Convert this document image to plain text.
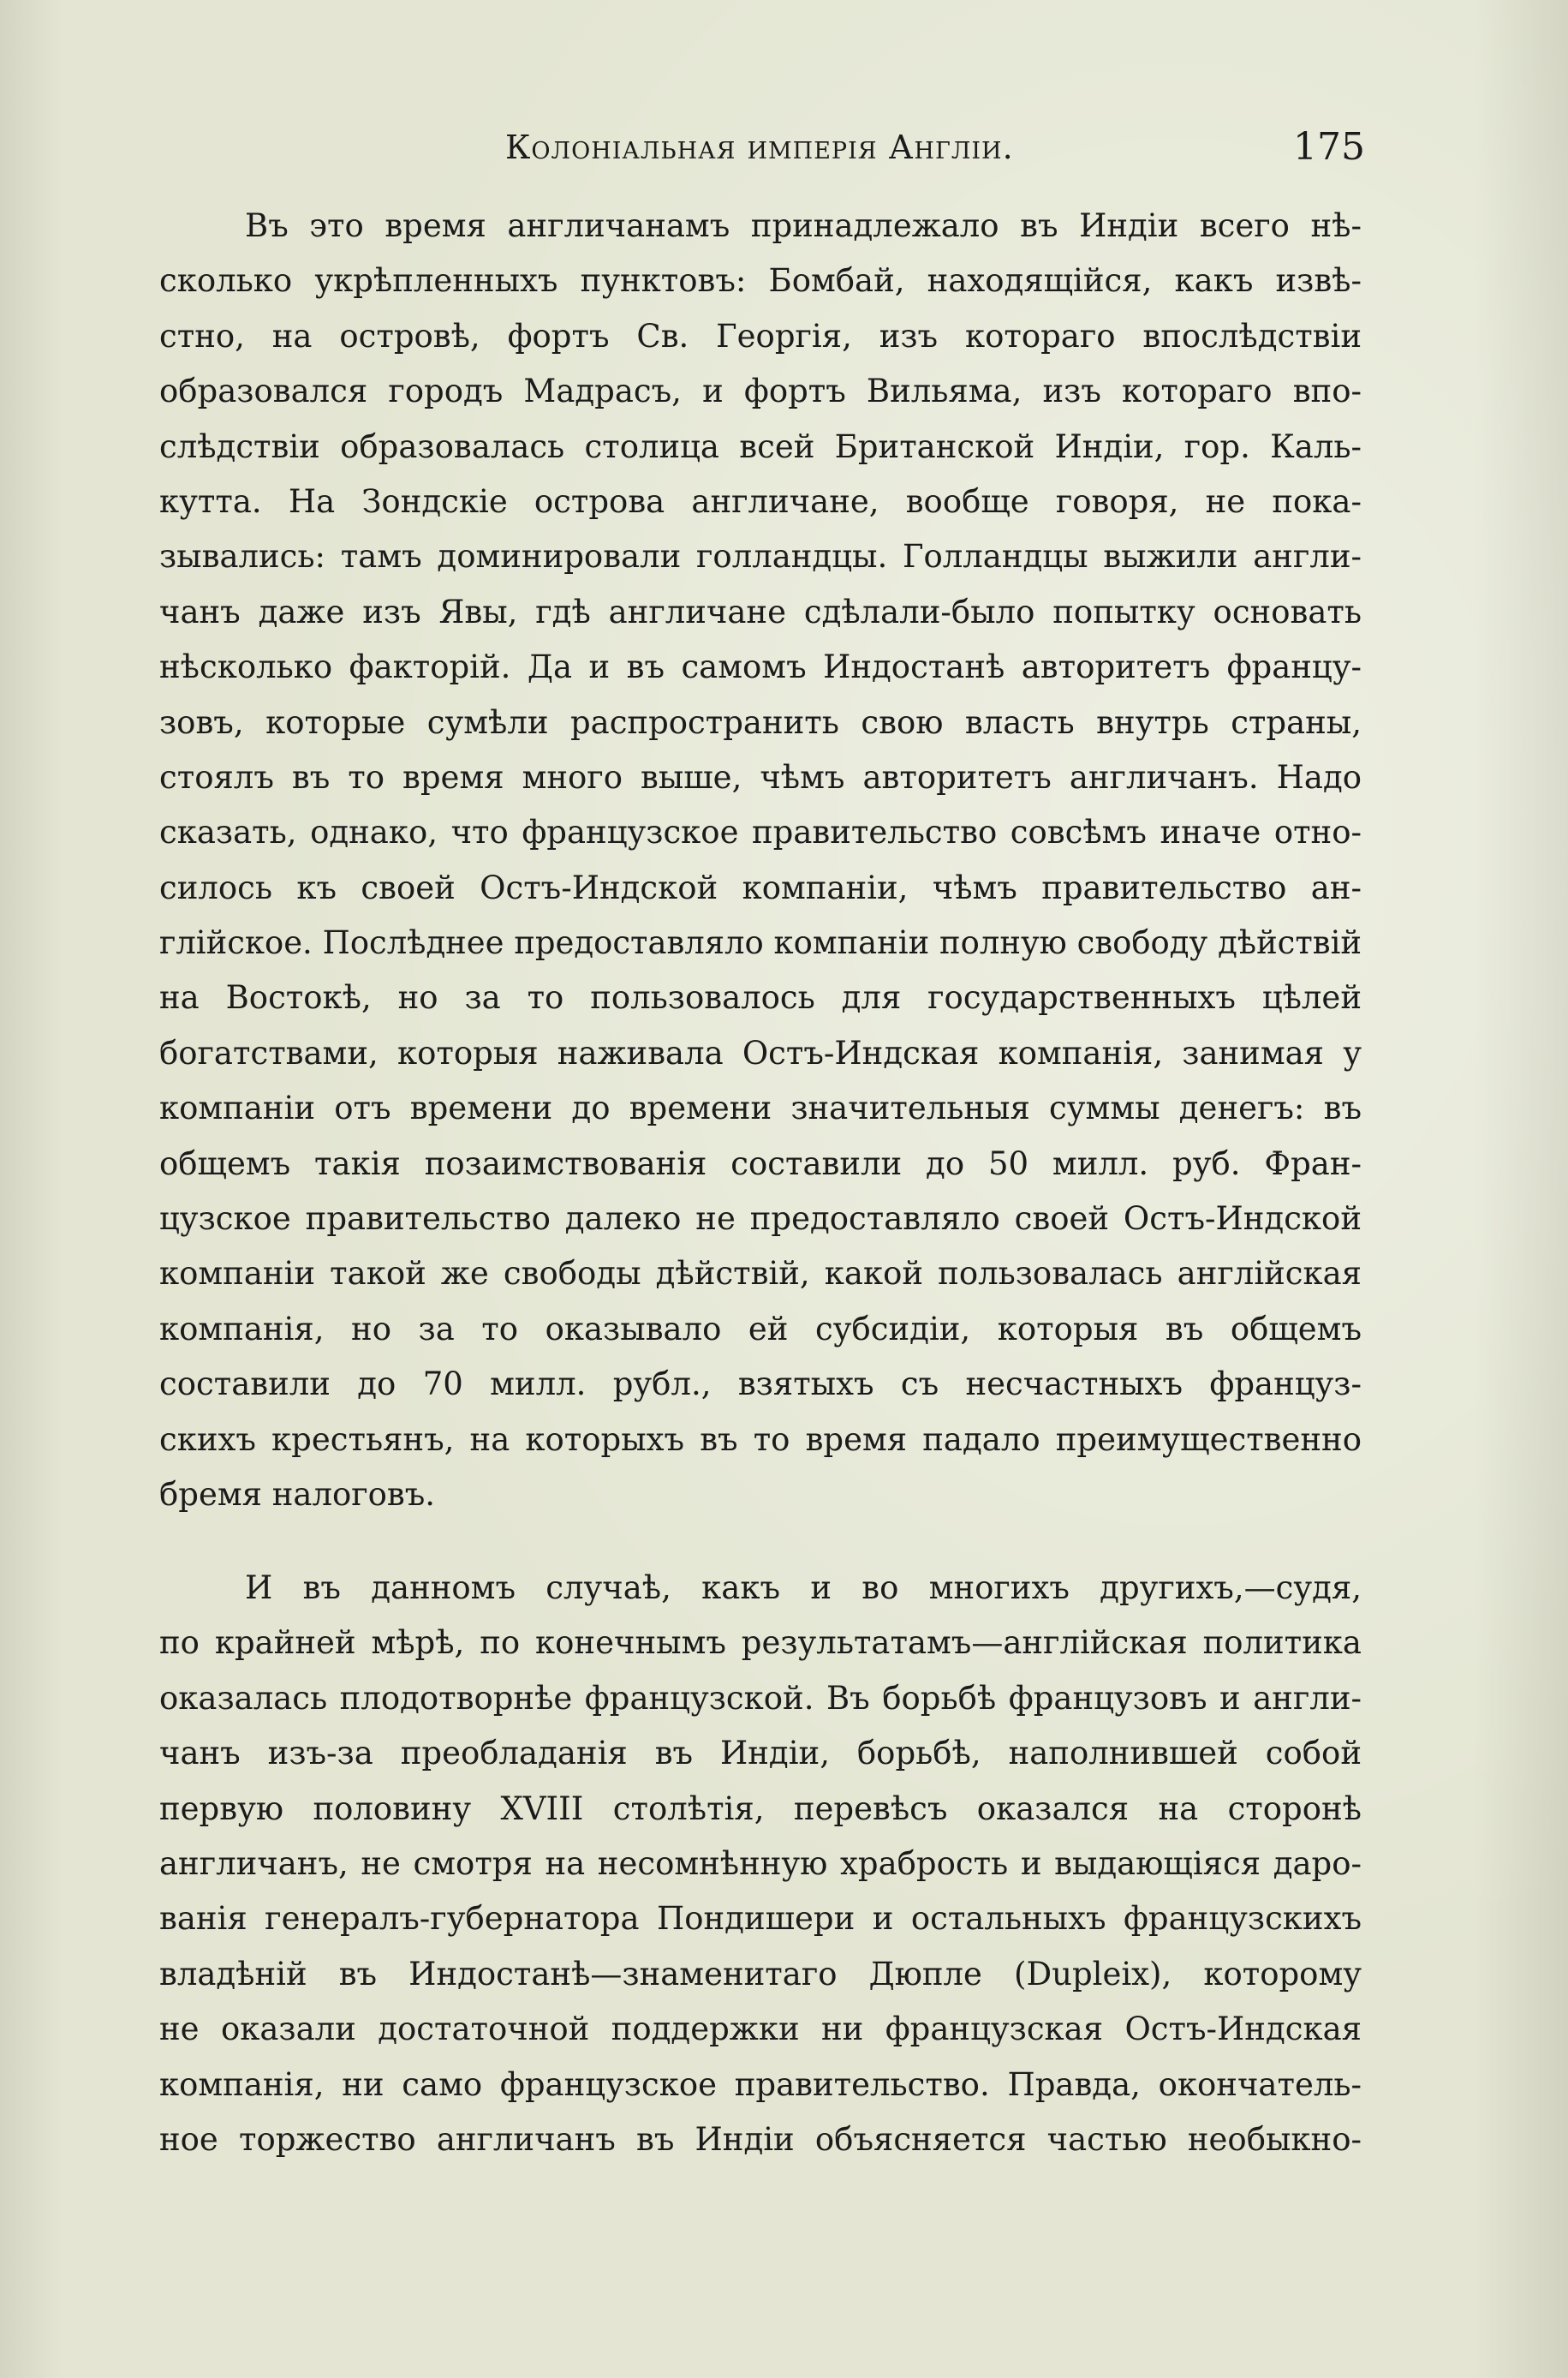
Колоніальная имперія Англіи.	175
Въ это время англичанамъ принадлежало въ Индіи всего нѣ-
сколько укрѣпленныхъ пунктовъ: Бомбай, находящійся, какъ извѣ-
стно, на островѣ, фортъ Св. Георгія, изъ котораго впослѣдствіи
образовался городъ Мадрасъ, и фортъ Вильяма, изъ котораго впо-
слѣдствіи образовалась столица всей Британской Индіи, гор. Каль-
кутта. На Зондскіе острова англичане, вообще говоря, не пока-
зывались: тамъ доминировали голландцы. Голландцы выжили англи-
чанъ даже изъ Явы, гдѣ англичане сдѣлали-было попытку основать
нѣсколько факторій. Да и въ самомъ Индостанѣ авторитетъ францу-
зовъ, которые сумѣли распространить свою власть внутрь страны,
стоялъ въ то время много выше, чѣмъ авторитетъ англичанъ. Надо
сказать, однако, что французское правительство совсѣмъ иначе отно-
силось къ своей Остъ-Индской компаніи, чѣмъ правительство ан-
глійское. Послѣднее предоставляло компаніи полную свободу дѣйствій
на Востокѣ, но за то пользовалось для государственныхъ цѣлей
богатствами, которыя наживала Остъ-Индская компанія, занимая у
компаніи отъ времени до времени значительныя суммы денегъ: въ
общемъ такія позаимствованія составили до 50 милл. руб. Фран-
цузское правительство далеко не предоставляло своей Остъ-Индской
компаніи такой же свободы дѣйствій, какой пользовалась англійская
компанія, но за то оказывало ей субсидіи, которыя въ общемъ
составили до 70 милл. рубл., взятыхъ съ несчастныхъ француз-
скихъ крестьянъ, на которыхъ въ то время падало преимущественно
бремя налоговъ.
И въ данномъ случаѣ, какъ и во многихъ другихъ,—судя,
по крайней мѣрѣ, по конечнымъ результатамъ—англійская политика
оказалась плодотворнѣе французской. Въ борьбѣ французовъ и англи-
чанъ изъ-за преобладанія въ Индіи, борьбѣ, наполнившей собой
первую половину XVIII столѣтія, перевѣсъ оказался на сторонѣ
англичанъ, не смотря на несомнѣнную храбрость и выдающіяся даро-
ванія генералъ-губернатора Пондишери и остальныхъ французскихъ
владѣній въ Индостанѣ—знаменитаго Дюпле (Dupleix), которому
не оказали достаточной поддержки ни французская Остъ-Индская
компанія, ни само французское правительство. Правда, окончатель-
ное торжество англичанъ въ Индіи объясняется частью необыкно-
